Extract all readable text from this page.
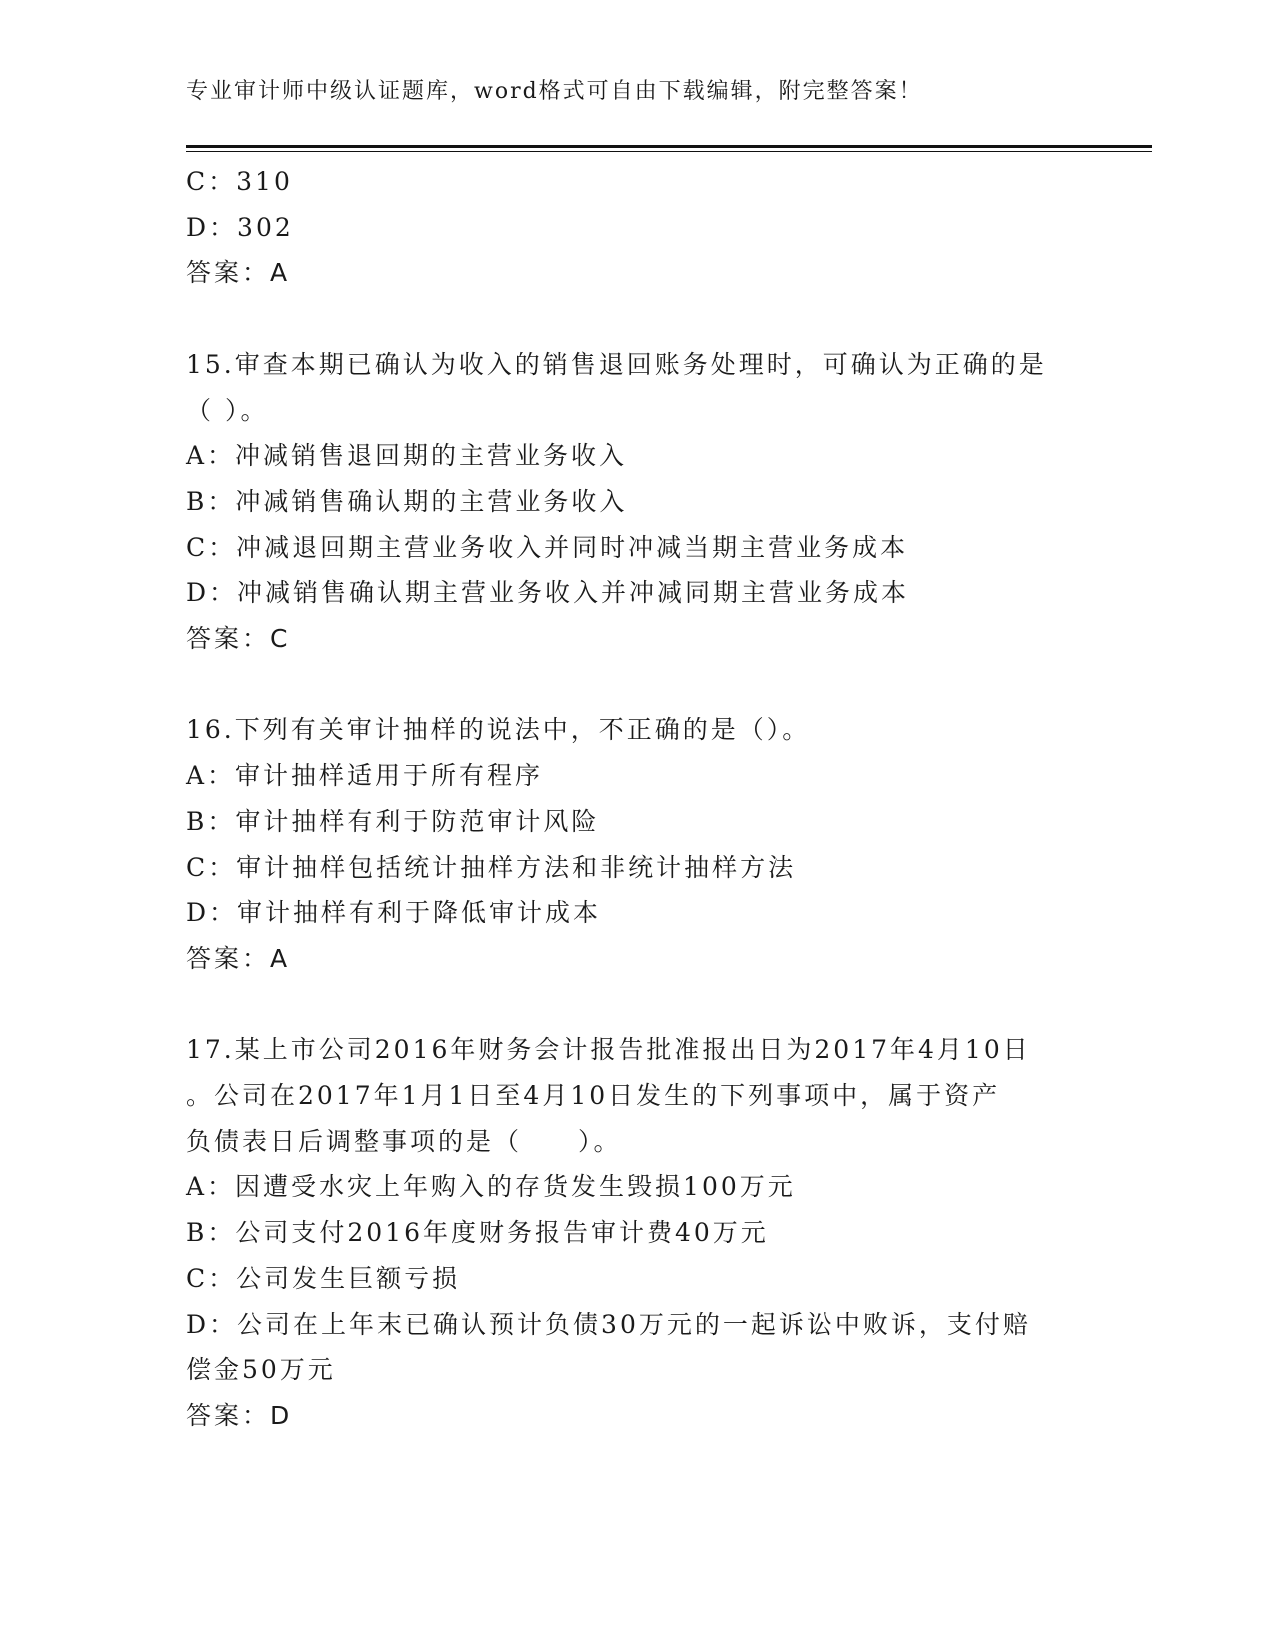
专业审计师中级认证题库，word格式可自由下载编辑，附完整答案！
C：310
D：302
答案：A
15.审查本期已确认为收入的销售退回账务处理时，可确认为正确的是
（ ）。
A：冲减销售退回期的主营业务收入
B：冲减销售确认期的主营业务收入
C：冲减退回期主营业务收入并同时冲减当期主营业务成本
D：冲减销售确认期主营业务收入并冲减同期主营业务成本
答案：C
16.下列有关审计抽样的说法中，不正确的是（）。
A：审计抽样适用于所有程序
B：审计抽样有利于防范审计风险
C：审计抽样包括统计抽样方法和非统计抽样方法
D：审计抽样有利于降低审计成本
答案：A
17.某上市公司2016年财务会计报告批准报出日为2017年4月10日
。公司在2017年1月1日至4月10日发生的下列事项中，属于资产
负债表日后调整事项的是（　　）。
A：因遭受水灾上年购入的存货发生毁损100万元
B：公司支付2016年度财务报告审计费40万元
C：公司发生巨额亏损
D：公司在上年末已确认预计负债30万元的一起诉讼中败诉，支付赔
偿金50万元
答案：D
